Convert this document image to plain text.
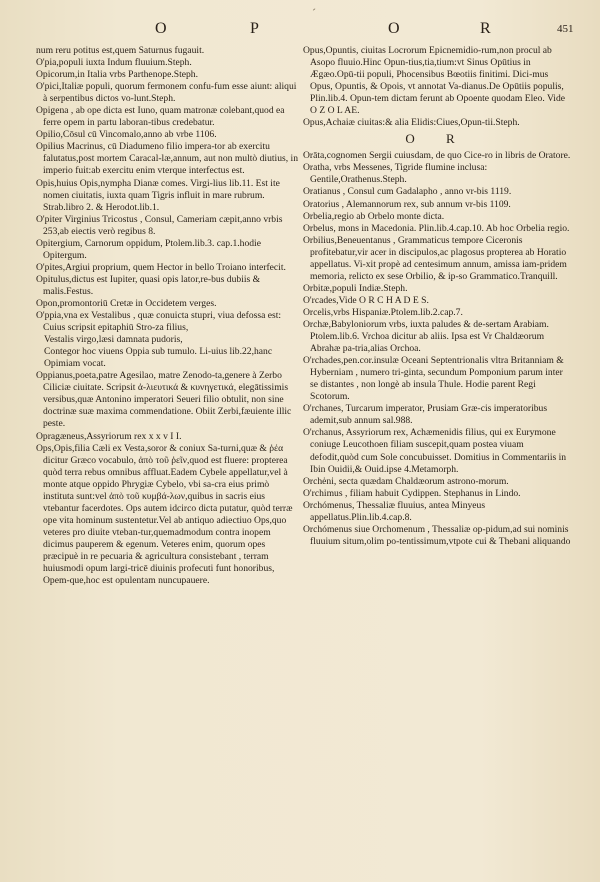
´
O	P	O	R	451

num reru potitus est,quem Saturnus fugauit.

O'pia,populi iuxta Indum fluuium.Steph.

Opicorum,in Italia vrbs Parthenope.Steph.

O'pici,Italiæ populi, quorum fermonem confu-fum esse aiunt: aliqui à serpentibus dictos vo-lunt.Steph.

Opigena , ab ope dicta est Iuno, quam matronæ colebant,quod ea ferre opem in partu laboran-tibus credebatur.

Opilio,Cōsul cū Vincomalo,anno ab vrbe 1106.

Opilius Macrinus, cū Diadumeno filio impera-tor ab exercitu falutatus,post mortem Caracal-læ,annum, aut non multò diutius, in imperio fuit:ab exercitu enim vterque interfectus est.

Opis,huius Opis,nympha Dianæ comes. Virgi-lius lib.11. Est ite nomen ciuitatis, iuxta quam Tigris influit in mare rubrum. Strab.libro 2. & Herodot.lib.1.

O'piter Virginius Tricostus , Consul, Cameriam cæpit,anno vrbis 253,ab eiectis verò regibus 8.

Opitergium, Carnorum oppidum, Ptolem.lib.3. cap.1.hodie Opitergum.

O'pites,Argiui proprium, quem Hector in bello Troiano interfecit.

Opitulus,dictus est Iupiter, quasi opis lator,re-bus dubiis & malis.Festus.

Opon,promontoriū Cretæ in Occidetem verges.

O'ppia,vna ex Vestalibus , quæ conuicta stupri, viua defossa est: Cuius scripsit epitaphiū Stro-za filius,

Vestalis virgo,læsi damnata pudoris,

Contegor hoc viuens Oppia sub tumulo. Li-uius lib.22,hanc Opimiam vocat.

Oppianus,poeta,patre Agesilao, matre Zenodo-ta,genere à Zerbo Ciliciæ ciuitate. Scripsit ἀ-λιευτικά & κυνηγετικά, elegātissimis versibus,quæ Antonino imperatori Seueri filio obtulit, non sine doctrinæ suæ maxima commendatione. Obiit Zerbi,fæuiente illic peste.

Opragæneus,Assyriorum rex x x v I I.

Ops,Opis,filia Cæli ex Vesta,soror & coniux Sa-turni,quæ & ῥέα dicitur Græco vocabulo, ἀπὸ τοῦ ῥεῖν,quod est fluere: propterea quòd terra rebus omnibus affluat.Eadem Cybele appellatur,vel à monte atque oppido Phrygiæ Cybelo, vbi sa-cra eius primò instituta sunt:vel ἀπὸ τοῦ κυμβά-λων,quibus in sacris eius vtebantur facerdotes. Ops autem idcirco dicta putatur, quòd terræ ope vita hominum sustentetur.Vel ab antiquo adiectiuo Ops,quo veteres pro diuite vteban-tur,quemadmodum contra inopem dicimus pauperem & egenum. Veteres enim, quorum opes præcipuè in re pecuaria & agricultura consistebant , terram huiusmodi opum largi-tricē diuinis profecuti funt honoribus, Opem-que,hoc est opulentam nuncupauere.

Opus,Opuntis, ciuitas Locrorum Epicnemidio-rum,non procul ab Asopo fluuio.Hinc Opun-tius,tia,tium:vt Sinus Opūtius in Ægæo.Opū-tii populi, Phocensibus Bœotiis finitimi. Dici-mus Opus, Opuntis, & Opois, vt annotat Va-dianus.De Opūtiis populis, Plin.lib.4. Opun-tem dictam ferunt ab Opoente quodam Eleo. Vide O Z O L AE.

Opus,Achaiæ ciuitas:& alia Elidis:Ciues,Opun-tii.Steph.

O R

Orāta,cognomen Sergii cuiusdam, de quo Cice-ro in libris de Oratore.

Orathа, vrbs Messenes, Tigride flumine inclusa: Gentile,Orathenus.Steph.

Oratianus , Consul cum Gadalapho , anno vr-bis 1119.

Oratorius , Alemannorum rex, sub annum vr-bis 1109.

Orbelia,regio ab Orbelo monte dicta.

Orbelus, mons in Macedonia. Plin.lib.4.cap.10. Ab hoc Orbelia regio.

Orbilius,Beneuentanus , Grammaticus tempore Ciceronis profitebatur,vir acer in discipulos,ac plagosus propterea ab Horatio appellatus. Vi-xit propè ad centesimum annum, amissa iam-pridem memoria, relicto ex sese Orbilio, & ip-so Grammatico.Tranquill.

Orbitæ,populi Indiæ.Steph.

O'rcades,Vide O R C H A D E S.

Orcelis,vrbs Hispaniæ.Ptolem.lib.2.cap.7.

Orchæ,Babyloniorum vrbs, iuxta paludes & de-sertam Arabiam. Ptolem.lib.6. Vrchoa dicitur ab aliis. Ipsa est Vr Chaldæorum Abrahæ pa-tria,alias Orchoa.

O'rchades,pen.cor.insulæ Oceani Septentrionalis vltra Britanniam & Hyberniam , numero tri-ginta, secundum Pomponium parum inter se distantes , non longè ab insula Thule. Hodie parent Regi Scotorum.

O'rchanes, Turcarum imperator, Prusiam Græ-cis imperatoribus ademit,sub annum sal.988.

O'rchanus, Assyriorum rex, Achæmenidis filius, qui ex Eurymone coniuge Leucothoen filiam suscepit,quam postea viuam defodit,quòd cum Sole concubuisset. Domitius in Commentariis in Ibin Ouidii,& Ouid.ipse 4.Metamorph.

Orchėni, secta quædam Chaldæorum astrono-morum.

O'rchimus , filiam habuit Cydippen. Stephanus in Lindo.

Orchómenus, Thessaliæ fluuius, antea Minyeus appellatus.Plin.lib.4.cap.8.

Orchómenus siue Orchomenum , Thessaliæ op-pidum,ad sui nominis fluuium situm,olim po-tentissimum,vtpote cui & Thebani aliquando
